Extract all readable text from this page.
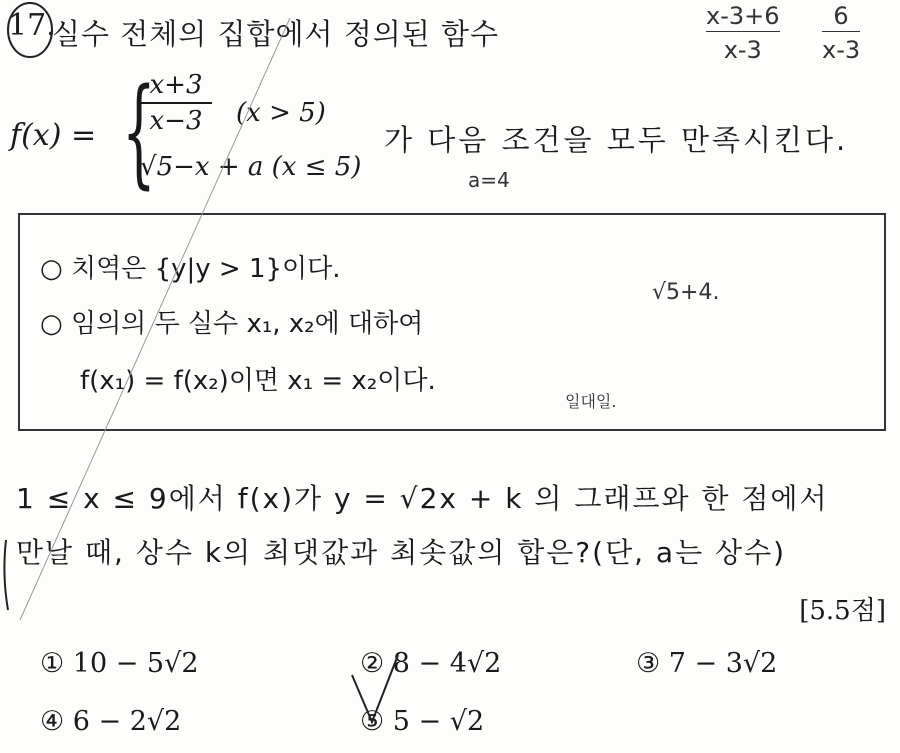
17.
실수 전체의 집합에서 정의된 함수
f(x) = {
$\frac{x+3}{x-3} (x > 5)$
√5−x + a (x ≤ 5)
가 다음 조건을 모두 만족시킨다.
○ 치역은 {y|y > 1}이다.
○ 임의의 두 실수 x₁, x₂에 대하여
f(x₁) = f(x₂)이면 x₁ = x₂이다.
1 ≤ x ≤ 9에서 f(x)가 y = √2x + k 의 그래프와 한 점에서
만날 때, 상수 k의 최댓값과 최솟값의 합은?(단, a는 상수)
[5.5점]
① 10 − 5√2	② 8 − 4√2	③ 7 − 3√2
④ 6 − 2√2	⑤ 5 − √2
$\frac{x-3+6}{x-3} \frac{6}{x-3}$
a=4
√5+4.
일대일.
